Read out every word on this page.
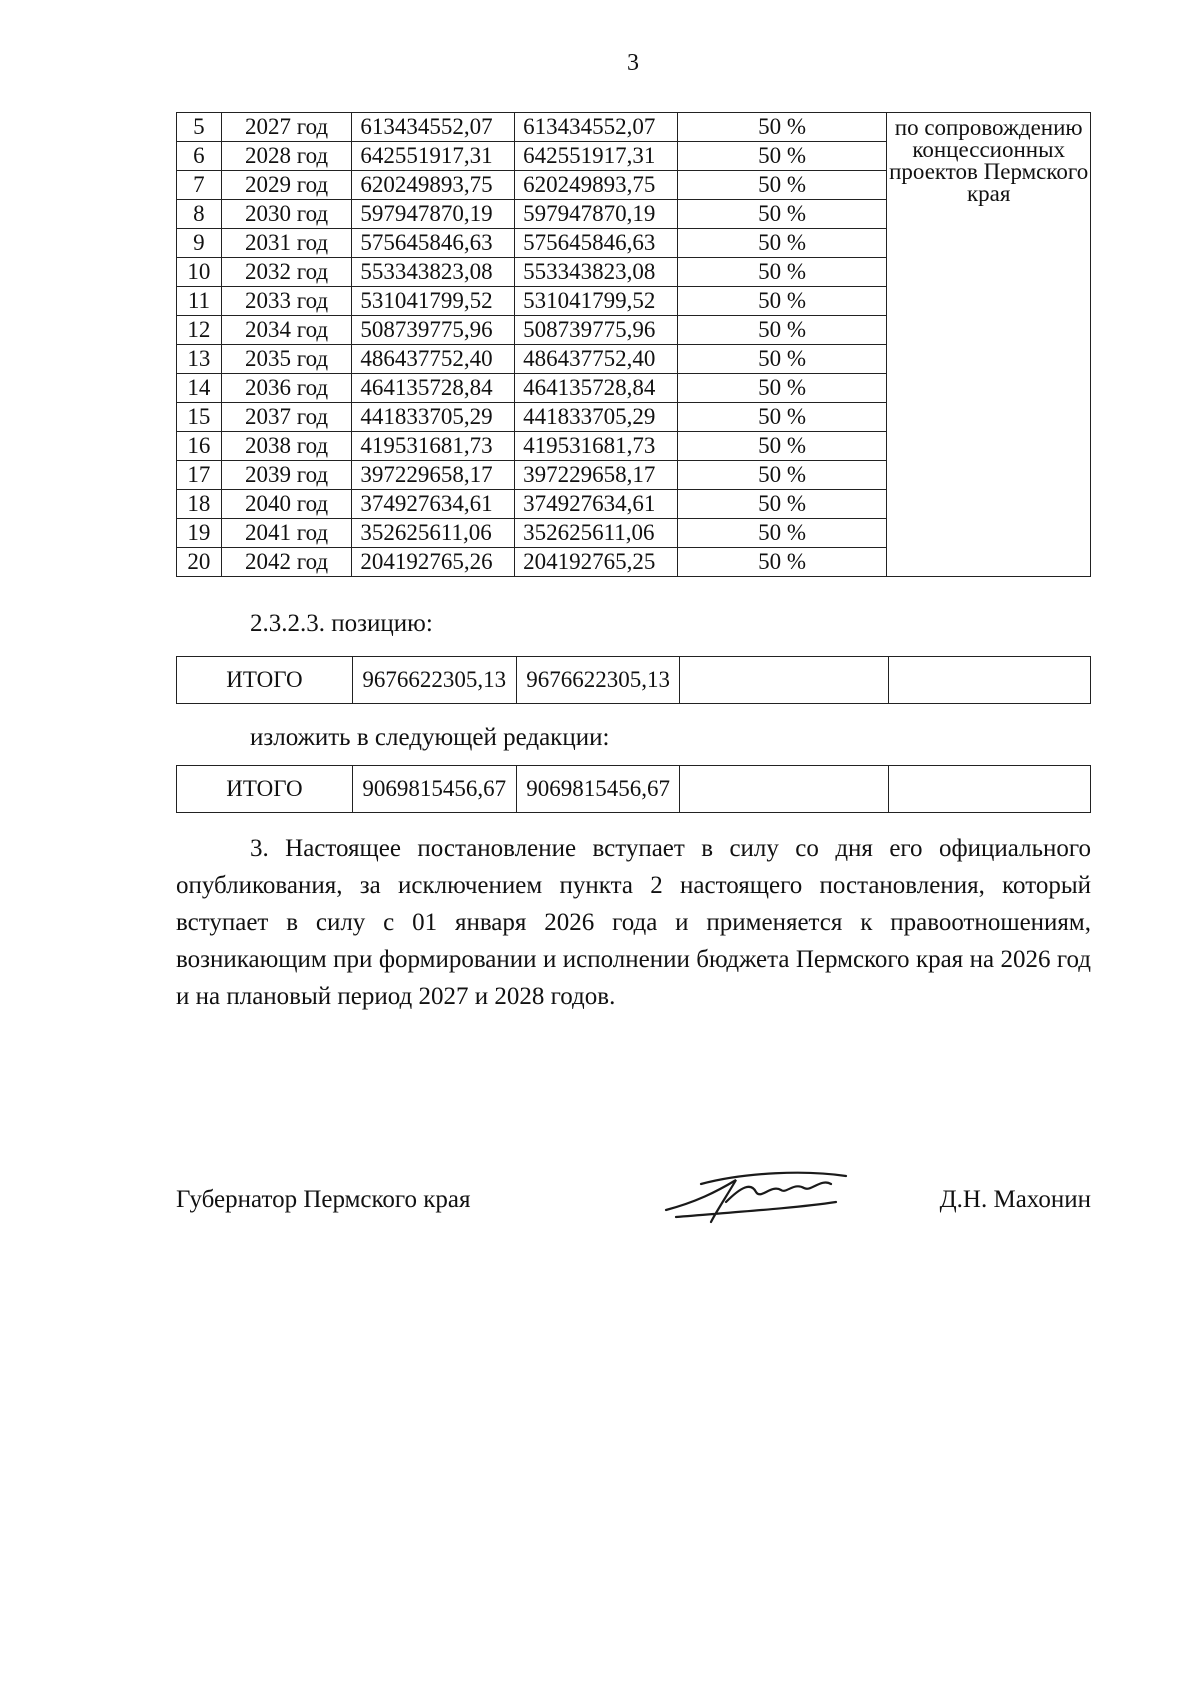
3
5	2027 год	613434552,07	613434552,07	50 %	по сопровождению концессионных проектов Пермского края
6	2028 год	642551917,31	642551917,31	50 %	
7	2029 год	620249893,75	620249893,75	50 %	
8	2030 год	597947870,19	597947870,19	50 %	
9	2031 год	575645846,63	575645846,63	50 %	
10	2032 год	553343823,08	553343823,08	50 %	
11	2033 год	531041799,52	531041799,52	50 %	
12	2034 год	508739775,96	508739775,96	50 %	
13	2035 год	486437752,40	486437752,40	50 %	
14	2036 год	464135728,84	464135728,84	50 %	
15	2037 год	441833705,29	441833705,29	50 %	
16	2038 год	419531681,73	419531681,73	50 %	
17	2039 год	397229658,17	397229658,17	50 %	
18	2040 год	374927634,61	374927634,61	50 %	
19	2041 год	352625611,06	352625611,06	50 %	
20	2042 год	204192765,26	204192765,25	50 %	
2.3.2.3. позицию:
ИТОГО	9676622305,13	9676622305,13		
изложить в следующей редакции:
ИТОГО	9069815456,67	9069815456,67		

3. Настоящее постановление вступает в силу со дня его официального опубликования, за исключением пункта 2 настоящего постановления, который вступает в силу с 01 января 2026 года и применяется к правоотношениям, возникающим при формировании и исполнении бюджета Пермского края на 2026 год и на плановый период 2027 и 2028 годов.

Губернатор Пермского края	Д.Н. Махонин
